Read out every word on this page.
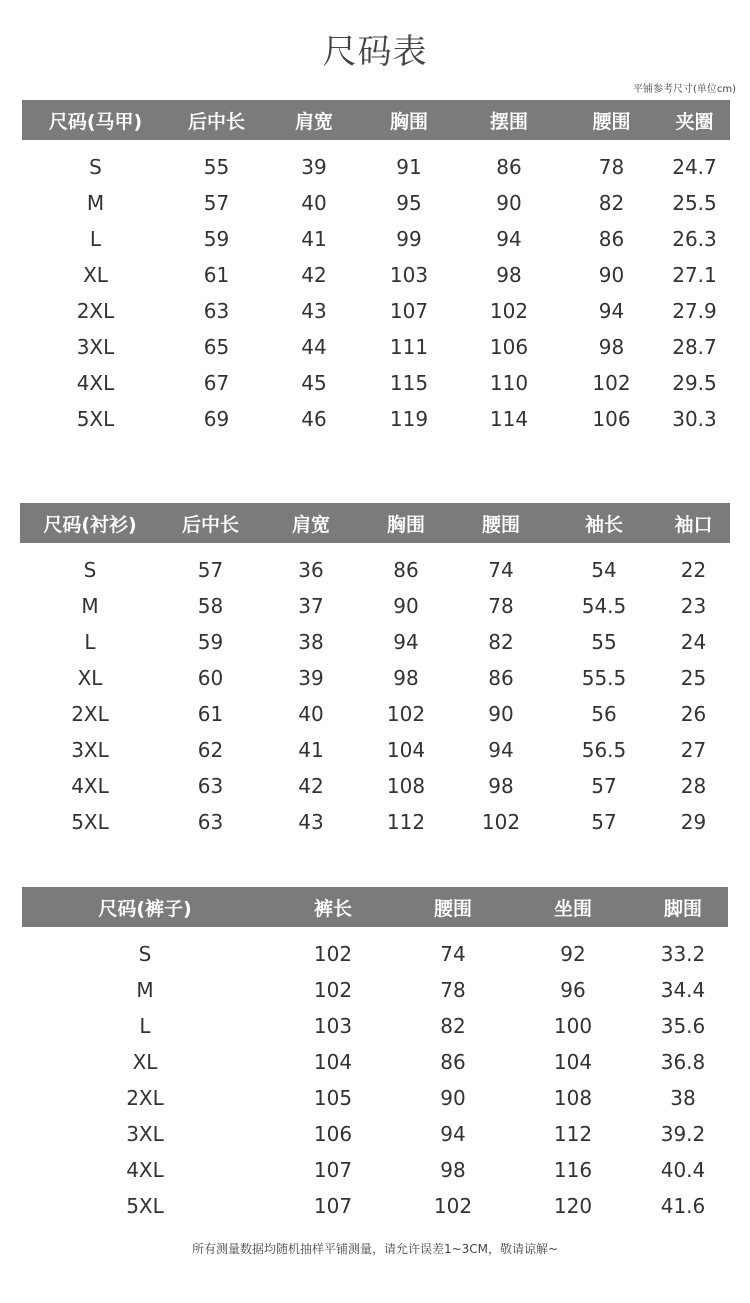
尺码表
平铺参考尺寸(单位cm)
尺码(马甲)	后中长	肩宽	胸围	摆围	腰围	夹圈
S	55	39	91	86	78	24.7
M	57	40	95	90	82	25.5
L	59	41	99	94	86	26.3
XL	61	42	103	98	90	27.1
2XL	63	43	107	102	94	27.9
3XL	65	44	111	106	98	28.7
4XL	67	45	115	110	102	29.5
5XL	69	46	119	114	106	30.3
尺码(衬衫)	后中长	肩宽	胸围	腰围	袖长	袖口
S	57	36	86	74	54	22
M	58	37	90	78	54.5	23
L	59	38	94	82	55	24
XL	60	39	98	86	55.5	25
2XL	61	40	102	90	56	26
3XL	62	41	104	94	56.5	27
4XL	63	42	108	98	57	28
5XL	63	43	112	102	57	29
尺码(裤子)	裤长	腰围	坐围	脚围
S	102	74	92	33.2
M	102	78	96	34.4
L	103	82	100	35.6
XL	104	86	104	36.8
2XL	105	90	108	38
3XL	106	94	112	39.2
4XL	107	98	116	40.4
5XL	107	102	120	41.6
所有测量数据均随机抽样平铺测量，请允许误差1~3CM，敬请谅解~
